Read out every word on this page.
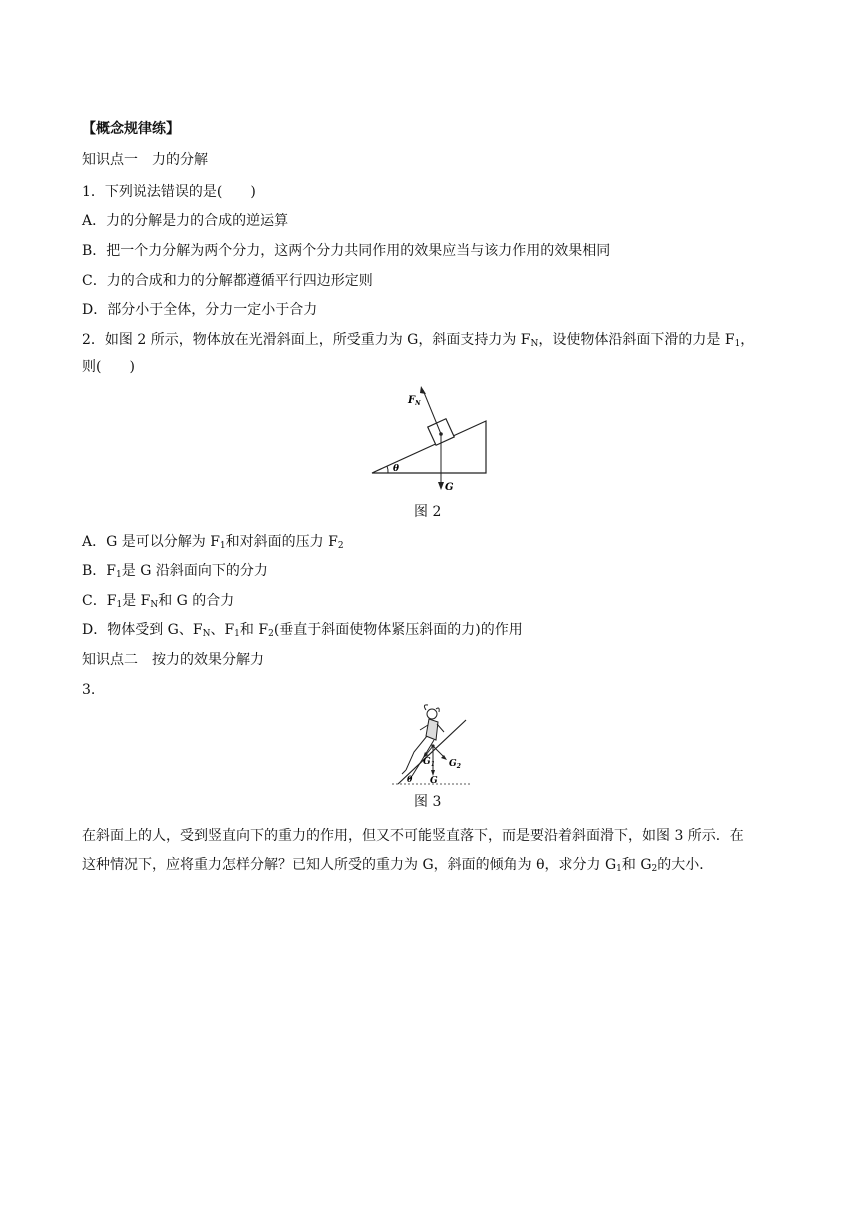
【概念规律练】
知识点一　力的分解
1．下列说法错误的是(　　)
A．力的分解是力的合成的逆运算
B．把一个力分解为两个分力，这两个分力共同作用的效果应当与该力作用的效果相同
C．力的合成和力的分解都遵循平行四边形定则
D．部分小于全体，分力一定小于合力
2．如图 2 所示，物体放在光滑斜面上，所受重力为 G，斜面支持力为 $F_N$，设使物体沿斜面下滑的力是 $F_1$，
则(　　)
$F_N$
G
θ
图 2
A．G 是可以分解为 $F_1$和对斜面的压力 $F_2$
B．$F_1$是 G 沿斜面向下的分力
C．$F_1$是 $F_N$和 G 的合力
D．物体受到 G、$F_N$、$F_1$和 $F_2$(垂直于斜面使物体紧压斜面的力)的作用
知识点二　按力的效果分解力
3.
$G_1$ $G_2$
G
θ
图 3
在斜面上的人，受到竖直向下的重力的作用，但又不可能竖直落下，而是要沿着斜面滑下，如图 3 所示．在
这种情况下，应将重力怎样分解？已知人所受的重力为 G，斜面的倾角为 θ，求分力 $G_1$和 $G_2$的大小．
